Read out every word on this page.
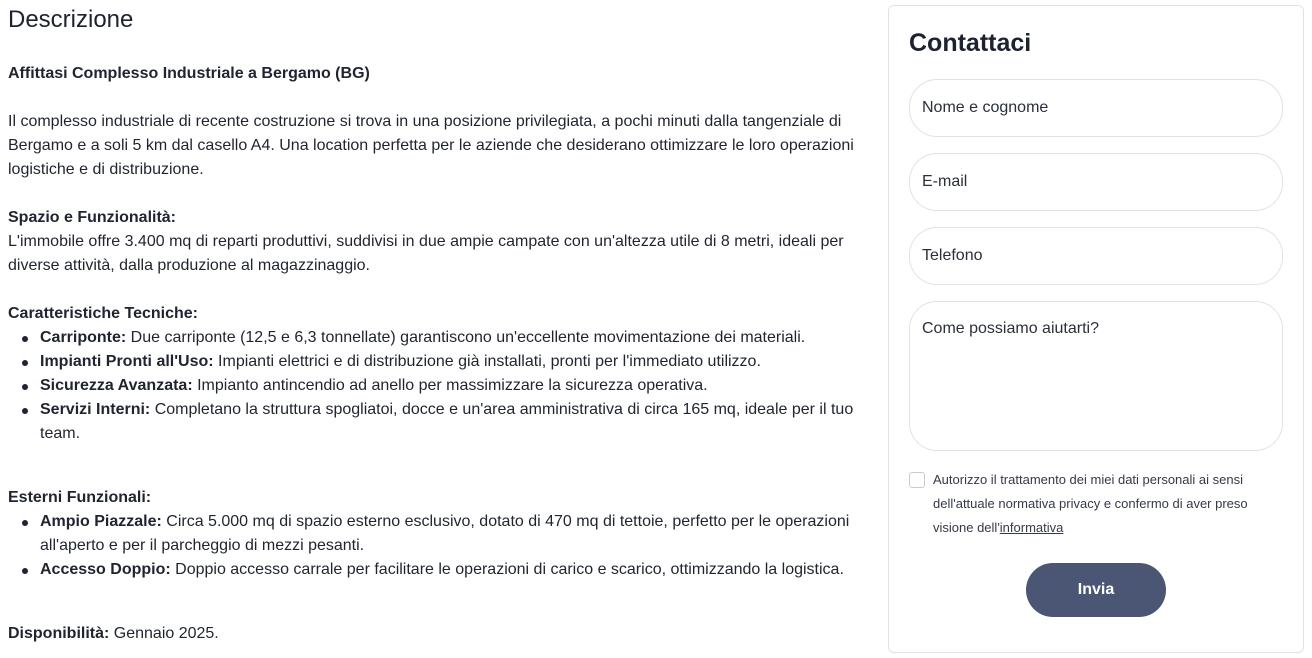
Descrizione

Affittasi Complesso Industriale a Bergamo (BG)

Il complesso industriale di recente costruzione si trova in una posizione privilegiata, a pochi minuti dalla tangenziale di Bergamo e a soli 5 km dal casello A4. Una location perfetta per le aziende che desiderano ottimizzare le loro operazioni logistiche e di distribuzione.

Spazio e Funzionalità:

L'immobile offre 3.400 mq di reparti produttivi, suddivisi in due ampie campate con un'altezza utile di 8 metri, ideali per diverse attività, dalla produzione al magazzinaggio.

Caratteristiche Tecniche:

Carriponte: Due carriponte (12,5 e 6,3 tonnellate) garantiscono un'eccellente movimentazione dei materiali.
Impianti Pronti all'Uso: Impianti elettrici e di distribuzione già installati, pronti per l'immediato utilizzo.
Sicurezza Avanzata: Impianto antincendio ad anello per massimizzare la sicurezza operativa.
Servizi Interni: Completano la struttura spogliatoi, docce e un'area amministrativa di circa 165 mq, ideale per il tuo team.

Esterni Funzionali:

Ampio Piazzale: Circa 5.000 mq di spazio esterno esclusivo, dotato di 470 mq di tettoie, perfetto per le operazioni all'aperto e per il parcheggio di mezzi pesanti.
Accesso Doppio: Doppio accesso carrale per facilitare le operazioni di carico e scarico, ottimizzando la logistica.

Disponibilità: Gennaio 2025.

Contattaci
Nome e cognome
E-mail
Telefono
Come possiamo aiutarti?
Autorizzo il trattamento dei miei dati personali ai sensi dell'attuale normativa privacy e confermo di aver preso visione dell'informativa
Invia
